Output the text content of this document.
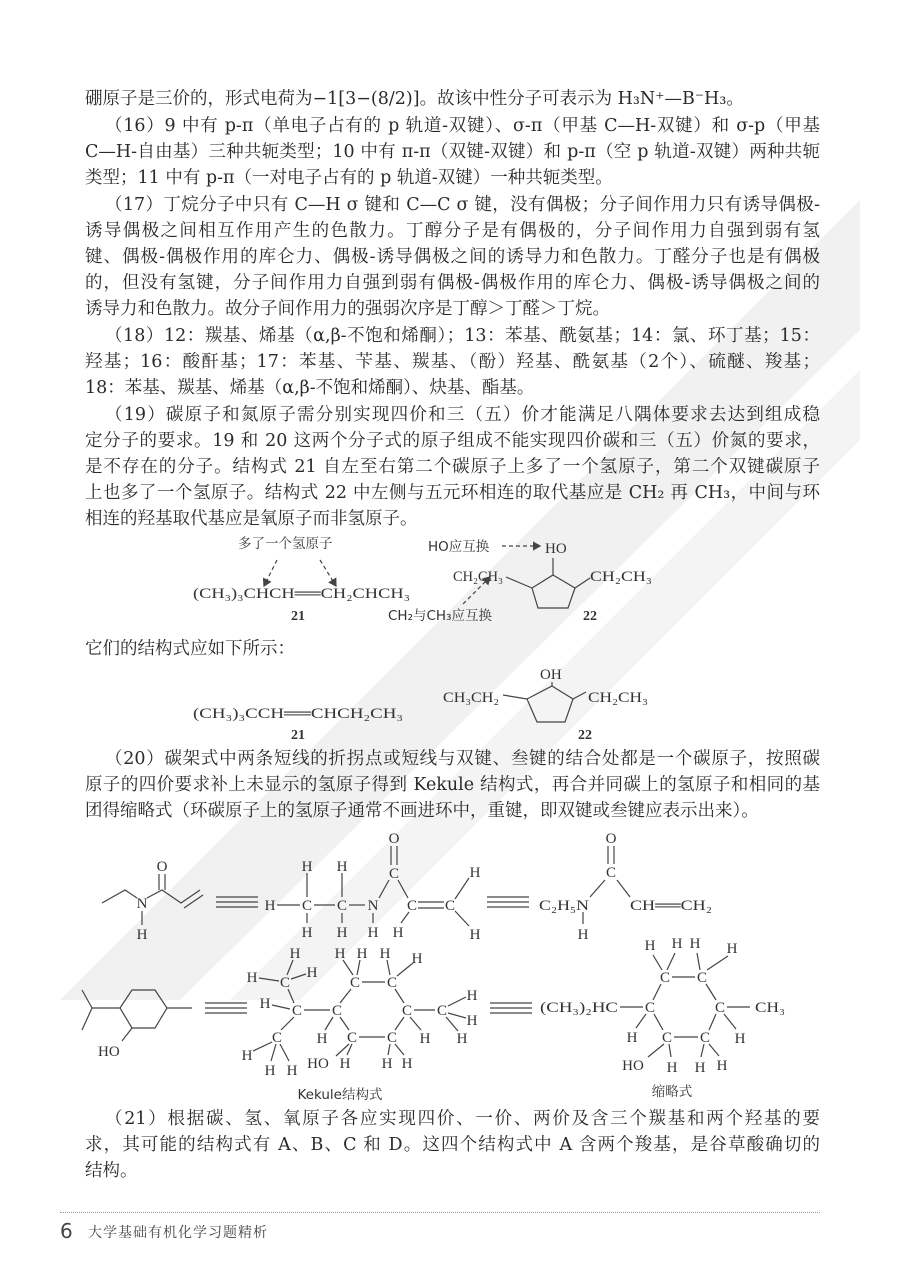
硼原子是三价的，形式电荷为−1[3−(8/2)]。故该中性分子可表示为 H₃N⁺—B⁻H₃。
（16）9 中有 p-π（单电子占有的 p 轨道-双键）、σ-π（甲基 C—H-双键）和 σ-p（甲基
C—H-自由基）三种共轭类型；10 中有 π-π（双键-双键）和 p-π（空 p 轨道-双键）两种共轭
类型；11 中有 p-π（一对电子占有的 p 轨道-双键）一种共轭类型。
（17）丁烷分子中只有 C—H σ 键和 C—C σ 键，没有偶极；分子间作用力只有诱导偶极-
诱导偶极之间相互作用产生的色散力。丁醇分子是有偶极的，分子间作用力自强到弱有氢
键、偶极-偶极作用的库仑力、偶极-诱导偶极之间的诱导力和色散力。丁醛分子也是有偶极
的，但没有氢键，分子间作用力自强到弱有偶极-偶极作用的库仑力、偶极-诱导偶极之间的
诱导力和色散力。故分子间作用力的强弱次序是丁醇＞丁醛＞丁烷。
（18）12：羰基、烯基（α,β-不饱和烯酮）；13：苯基、酰氨基；14：氯、环丁基；15：
羟基；16：酸酐基；17：苯基、苄基、羰基、（酚）羟基、酰氨基（2个）、硫醚、羧基；
18：苯基、羰基、烯基（α,β-不饱和烯酮）、炔基、酯基。
（19）碳原子和氮原子需分别实现四价和三（五）价才能满足八隅体要求去达到组成稳
定分子的要求。19 和 20 这两个分子式的原子组成不能实现四价碳和三（五）价氮的要求，
是不存在的分子。结构式 21 自左至右第二个碳原子上多了一个氢原子，第二个双键碳原子
上也多了一个氢原子。结构式 22 中左侧与五元环相连的取代基应是 CH₂ 再 CH₃，中间与环
相连的羟基取代基应是氧原子而非氢原子。
它们的结构式应如下所示：
（20）碳架式中两条短线的折拐点或短线与双键、叁键的结合处都是一个碳原子，按照碳
原子的四价要求补上未显示的氢原子得到 Kekule 结构式，再合并同碳上的氢原子和相同的基
团得缩略式（环碳原子上的氢原子通常不画进环中，重键，即双键或叁键应表示出来）。
（21）根据碳、氢、氧原子各应实现四价、一价、两价及含三个羰基和两个羟基的要
求，其可能的结构式有 A、B、C 和 D。这四个结构式中 A 含两个羧基，是谷草酸确切的
结构。
多了一个氢原子
(CH₃)₃CHCH══CH₂CHCH₃
21
HO应互换	HO
CH₂CH₃	CH₂CH₃
CH₂与CH₃应互换	22
(CH₃)₃CCH══CHCH₂CH₃
21
OH
CH₃CH₂	CH₂CH₃
22
C₂H₅N	CH══CH₂
HO
(CH₃)₂HC	CH₃
HO	HO
Kekule结构式	缩略式
N
O
H
H C C N
H H
H H H
C
O
C C
H
H
H	H
C
O
C
H
C
H
H	H
C
H
H H
C
C C
C
C
C
H H H H
H
H H H
H
C
H
H
H
C
C C
C
C
C
H H H H
H	H
H H H
6 大学基础有机化学习题精析
